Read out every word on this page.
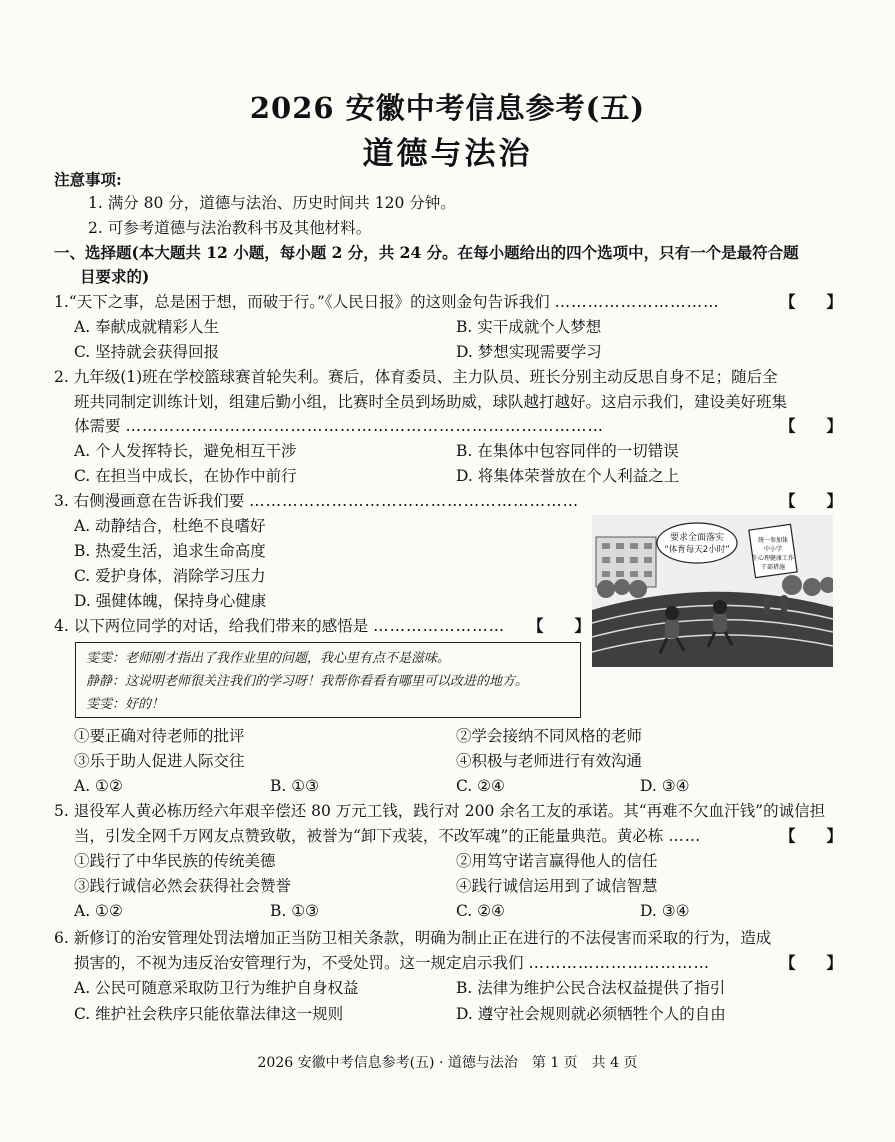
2026 安徽中考信息参考(五)
道德与法治
注意事项:
1. 满分 80 分，道德与法治、历史时间共 120 分钟。
2. 可参考道德与法治教科书及其他材料。
一、选择题(本大题共 12 小题，每小题 2 分，共 24 分。在每小题给出的四个选项中，只有一个是最符合题
目要求的)
1.“天下之事，总是困于想，而破于行。”《人民日报》的这则金句告诉我们 …………………………	【　　】
A. 奉献成就精彩人生	B. 实干成就个人梦想
C. 坚持就会获得回报	D. 梦想实现需要学习
2. 九年级(1)班在学校篮球赛首轮失利。赛后，体育委员、主力队员、班长分别主动反思自身不足；随后全
班共同制定训练计划，组建后勤小组，比赛时全员到场助威，球队越打越好。这启示我们，建设美好班集
体需要 ……………………………………………………………………………	【　　】
A. 个人发挥特长，避免相互干涉	B. 在集体中包容同伴的一切错误
C. 在担当中成长，在协作中前行	D. 将集体荣誉放在个人利益之上
3. 右侧漫画意在告诉我们要 ……………………………………………………	【　　】
A. 动静结合，杜绝不良嗜好
B. 热爱生活，追求生命高度
C. 爱护身体，消除学习压力
D. 强健体魄，保持身心健康
要求全面落实
“体育每天2小时”
统一参加体
中小学
生心理健康工作
干部措施
4. 以下两位同学的对话，给我们带来的感悟是 …………………… 【　　】
雯雯：老师刚才指出了我作业里的问题，我心里有点不是滋味。
静静：这说明老师很关注我们的学习呀！我帮你看看有哪里可以改进的地方。
雯雯：好的！
①要正确对待老师的批评	②学会接纳不同风格的老师
③乐于助人促进人际交往	④积极与老师进行有效沟通
A. ①②	B. ①③	C. ②④	D. ③④
5. 退役军人黄必栋历经六年艰辛偿还 80 万元工钱，践行对 200 余名工友的承诺。其“再难不欠血汗钱”的诚信担
当，引发全网千万网友点赞致敬，被誉为“卸下戎装，不改军魂”的正能量典范。黄必栋 ……	【　　】
①践行了中华民族的传统美德	②用笃守诺言赢得他人的信任
③践行诚信必然会获得社会赞誉	④践行诚信运用到了诚信智慧
A. ①②	B. ①③	C. ②④	D. ③④
6. 新修订的治安管理处罚法增加正当防卫相关条款，明确为制止正在进行的不法侵害而采取的行为，造成
损害的，不视为违反治安管理行为，不受处罚。这一规定启示我们 ……………………………	【　　】
A. 公民可随意采取防卫行为维护自身权益	B. 法律为维护公民合法权益提供了指引
C. 维护社会秩序只能依靠法律这一规则	D. 遵守社会规则就必须牺牲个人的自由
2026 安徽中考信息参考(五) · 道德与法治　第 1 页　共 4 页
